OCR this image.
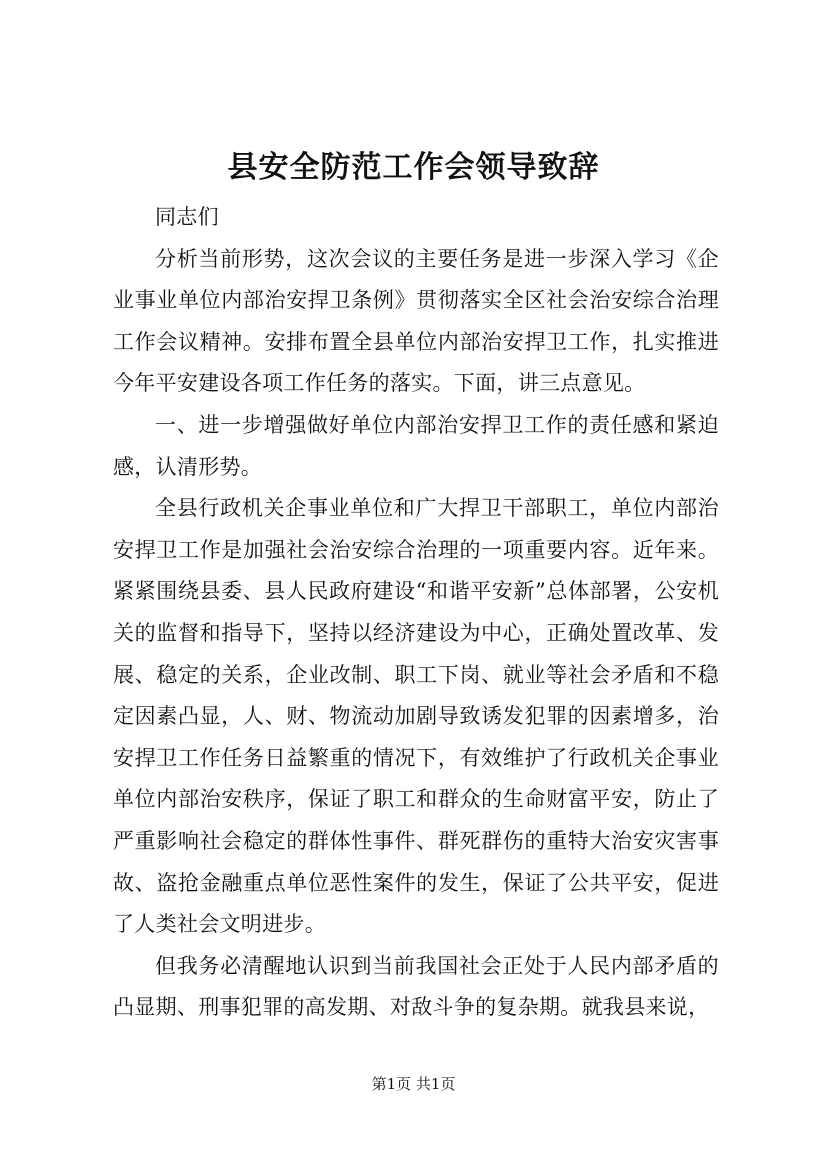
县安全防范工作会领导致辞

同志们

分析当前形势，这次会议的主要任务是进一步深入学习《企业事业单位内部治安捍卫条例》贯彻落实全区社会治安综合治理工作会议精神。安排布置全县单位内部治安捍卫工作，扎实推进今年平安建设各项工作任务的落实。下面，讲三点意见。

一、进一步增强做好单位内部治安捍卫工作的责任感和紧迫感，认清形势。

全县行政机关企事业单位和广大捍卫干部职工，单位内部治安捍卫工作是加强社会治安综合治理的一项重要内容。近年来。紧紧围绕县委、县人民政府建设“和谐平安新”总体部署，公安机关的监督和指导下，坚持以经济建设为中心，正确处置改革、发展、稳定的关系，企业改制、职工下岗、就业等社会矛盾和不稳定因素凸显，人、财、物流动加剧导致诱发犯罪的因素增多，治安捍卫工作任务日益繁重的情况下，有效维护了行政机关企事业单位内部治安秩序，保证了职工和群众的生命财富平安，防止了严重影响社会稳定的群体性事件、群死群伤的重特大治安灾害事故、盗抢金融重点单位恶性案件的发生，保证了公共平安，促进了人类社会文明进步。

但我务必清醒地认识到当前我国社会正处于人民内部矛盾的凸显期、刑事犯罪的高发期、对敌斗争的复杂期。就我县来说，

第1页 共1页
